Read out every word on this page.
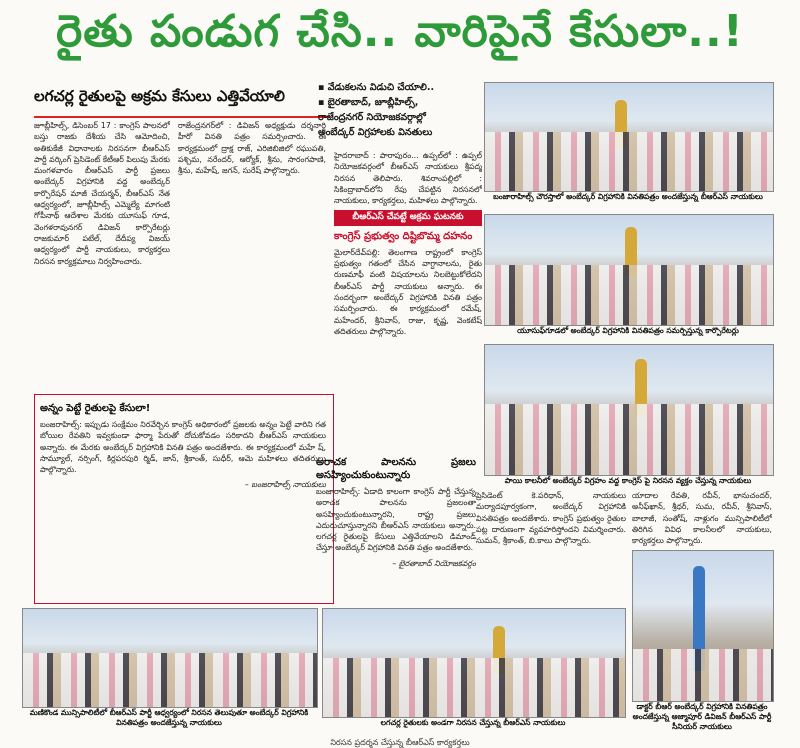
రైతు పండుగ చేసి.. వారిపైనే కేసులా..!
లగచర్ల రైతులపై అక్రమ కేసులు ఎత్తివేయాలి	▪ వేడుకలను విడుచి చేయాలి..
▪ బైరతాబాద్, జూబ్లీహిల్స్,
రాజేంద్రనగర్ నియోజకవర్గాల్లో
అంబేద్కర్ విగ్రహాలకు వినతులు

జూబ్లీహిల్స్, డిసెంబర్ 17 : కాంగ్రెస్ పాలనలో బస్తు రాజకు దేశీయ చేసి ఆమోదించి, అతికుకేజీ విధానాలకు నిరసనగా బీఆర్ఎస్ పార్టీ వర్కింగ్ ప్రెసిడెంట్ కేటీఆర్ పిలుపు మేరకు మంగళవారం బీఆర్ఎస్ పార్టీ ప్రజలు అంబేద్కర్ విగ్రహానికి వద్ద అంబేద్కర్ కార్పొరేషన్ మాజీ చేయర్మన్, బీఆర్ఎస్ నేత ఆధ్వర్యంలో, జూబ్లీహిల్స్ ఎమ్మెల్యే మాగంటి గోపీనాథ్ ఆదేశాల మేరకు యూసుఫ్ గూడ, వెంగళరావునగర్ డివిజన్ కార్పొరేటర్లు రాజకుమార్ పటేల్, దేదీప్య విజయ్ ఆధ్వర్యంలో పార్టీ నాయకులు, కార్యకర్తలు నిరసన కార్యక్రమాలు నిర్వహించారు.

రాజేంద్రనగర్‌లో : డివిజన్ అధ్యక్షుడు దర్శనార్థి హీరో వినతి పత్రం సమర్పించారు. ఈ కార్యక్రమంలో ద్రాక్ష రాజ్, ఎరిజిబిజిలో రఘుపతి, పశ్చిమ, నరేందర్, ఆర్యోక్, శ్రీను, సారంగపాణి, శ్రీను, మహేష్, జగన్, సురేష్ పాల్గొన్నారు.

అన్నం పెట్టే రైతులపై కేసులా!

బంజరాహిల్స్: ఇప్పుడు సంక్షేమం నిరవేర్చిన కాంగ్రెస్ అధికారంలో ప్రజలకు అన్నం పెట్టే వారిని గత బోయిల రేవతిని ఇవ్వకుండా ఫార్మా పేరుతో దోచుకోవడం సరికాదని బీఆర్ఎస్ నాయకులు అన్నారు. ఈ మేరకు అంబేద్కర్ విగ్రహానికి వినతి పత్రం అందజేశారు. ఈ కార్యక్రమంలో మహే ష్, సామ్యూల్, నర్సింగ్, కిర్లపరపురి ర్మిడ్, జాన్, శ్రీకాంత్, సుధీర్, ఆమె మహిళలు తదితరులు పాల్గొన్నారు.

– బంజరాహిల్స్ నాయకులు

హైదరాబాద్ : పారాపురం... ఉప్పల్‌లో : ఉప్పల్ నియోజకవర్గంలో బీఆర్ఎస్ నాయకులు శ్రీపద్మ నిరసన తెలిపారు. శివరాంపల్లిలో : సికింద్రాబాద్‌లోని రేపు చేపట్టిన నిరసనలో నాయకులు, కార్యకర్తలు, మహిళలు పాల్గొన్నారు.

బీఆర్ఎస్ చేపట్టే అక్రమ ఘటనకు
కాంగ్రెస్ ప్రభుత్వం దిష్టిబొమ్మ దహనం

మైలార్‌దేవ్‌పల్లి: తెలంగాణ రాష్ట్రంలో కాంగ్రెస్ ప్రభుత్వం గతంలో చేసిన వాగ్దానాలను, రైతు రుణమాఫీ వంటి విషయాలను నిలబెట్టుకోలేదని బీఆర్ఎస్ పార్టీ నాయకులు అన్నారు. ఈ సందర్భంగా అంబేద్కర్ విగ్రహానికి వినతి పత్రం సమర్పించారు. ఈ కార్యక్రమంలో రమేష్, మహేందర్, శ్రీనివాస్, రాజు, కృష్ణ, వెంకటేష్ తదితరులు పాల్గొన్నారు.

అరాచక పాలనను ప్రజలు అసహ్యించుకుంటున్నారు

బంజారాహిల్స్: ఏడాది కాలంగా కాంగ్రెస్ పార్టీ చేస్తున్న అరాచక పాలనను ప్రజలంతా అసహ్యించుకుంటున్నారని, రాష్ట్ర ప్రజలు ఎదురుచూస్తున్నారని బీఆర్ఎస్ నాయకులు అన్నారు. లగచర్ల రైతులపై కేసులు ఎత్తివేయాలని డిమాండ్ చేస్తూ అంబేద్కర్ విగ్రహానికి వినతి పత్రం అందజేశారు.

– బైరతాబాద్ నియోజకవర్గం
బంజారాహిల్స్ చౌరస్తాలో అంబేద్కర్ విగ్రహానికి వినతిపత్రం అందజేస్తున్న బీఆర్ఎస్ నాయకులు
యూసుఫ్‌గూడలో అంబేద్కర్ విగ్రహానికి వినతిపత్రం సమర్పిస్తున్న కార్పొరేటర్లు
పాయి కాలనీలో అంబేద్కర్ విగ్రహం వద్ద కాంగ్రెస్ పై నిరసన వ్యక్తం చేస్తున్న నాయకులు

ప్రెసిడెంట్ కె.పరిధాన్, నాయకులు మర్యాదపూర్వకంగా, అంబేద్కర్ విగ్రహానికి వినతిపత్రం అందజేశారు. కాంగ్రెస్ ప్రభుత్వం రైతుల పట్ల దారుణంగా వ్యవహరిస్తోందని విమర్శించారు. సుమన్, శ్రీకాంత్, బి.కాలు పాల్గొన్నారు.

యాదాల రేవతి, రవీన్, భానుచందర్, అనీఫ్‌ఖాన్, శ్రీధర్, సుమ, రవీన్, శ్రీనివాస్, బాలాజీ, సంతోష్, నాళ్లుగం మున్సిపాలిటీలో తిరిగిన వివిధ కాలనీలలో నాయకులు, కార్యకర్తలు పాల్గొన్నారు.

మణికొండ మున్సిపాలిటీలో బీఆర్ఎస్ పార్టీ ఆధ్వర్యంలో నిరసన తెలుపుతూ అంబేద్కర్ విగ్రహానికి వినతిపత్రం అందజేస్తున్న నాయకులు	లగచర్ల రైతులకు అండగా నిరసన చేస్తున్న బీఆర్ఎస్ నాయకులు
డాక్టర్ బీఆర్ అంబేద్కర్ విగ్రహానికి వినతిపత్రం అందజేస్తున్న ఆజ్మాపూర్ డివిజన్ బీఆర్ఎస్ పార్టీ సీనియర్ నాయకులు
నిరసన ప్రదర్శన చేస్తున్న బీఆర్ఎస్ కార్యకర్తలు
